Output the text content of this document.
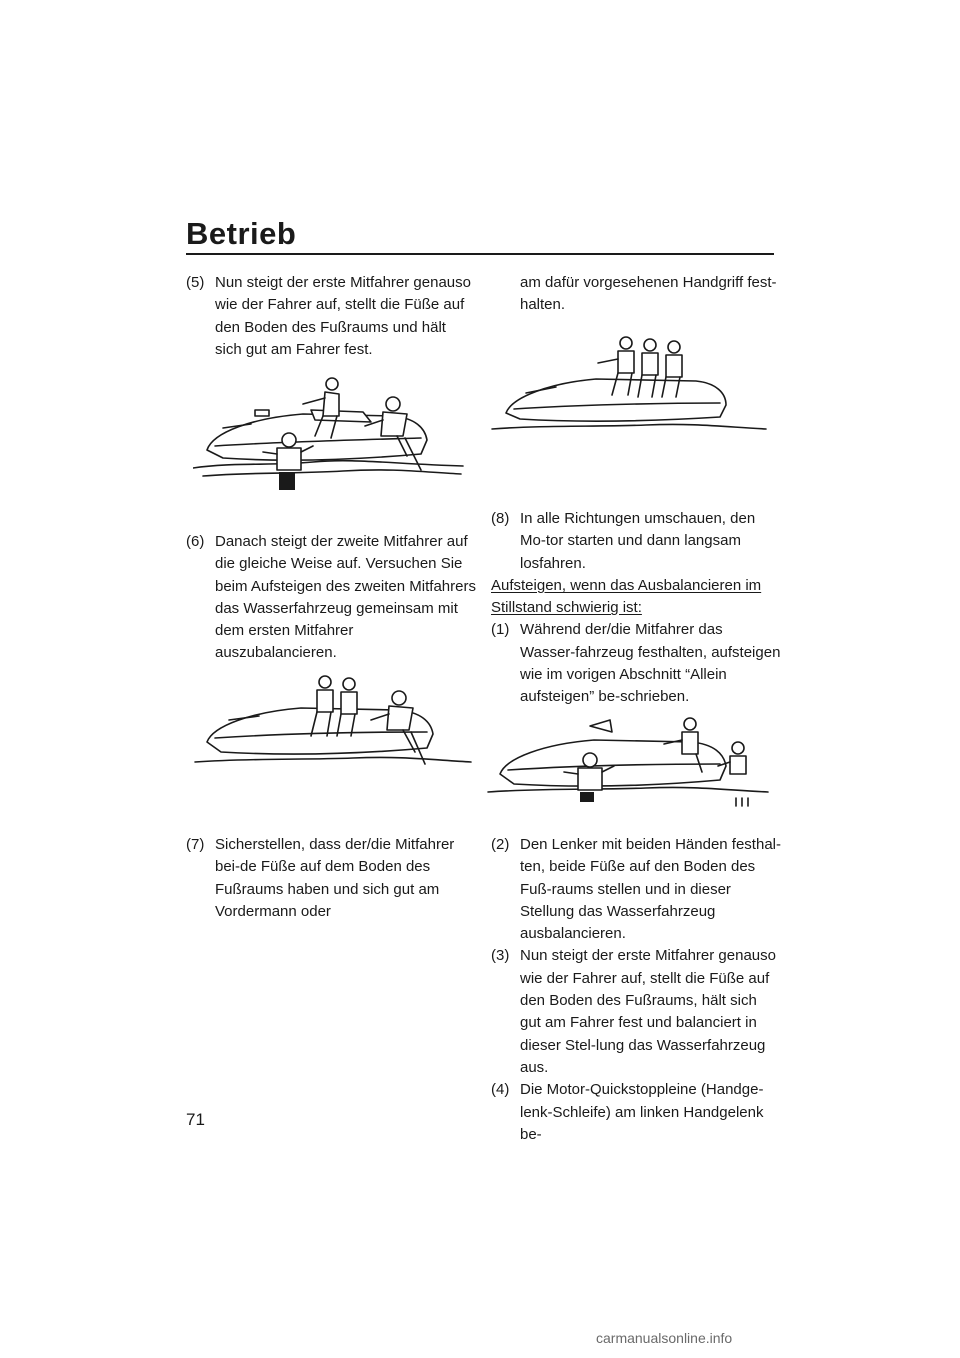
Betrieb

(5) Nun steigt der erste Mitfahrer genauso wie der Fahrer auf, stellt die Füße auf den Boden des Fußraums und hält sich gut am Fahrer fest.

(6) Danach steigt der zweite Mitfahrer auf die gleiche Weise auf. Versuchen Sie beim Aufsteigen des zweiten Mitfahrers das Wasserfahrzeug gemeinsam mit dem ersten Mitfahrer auszubalancieren.

(7) Sicherstellen, dass der/die Mitfahrer bei-de Füße auf dem Boden des Fußraums haben und sich gut am Vordermann oder

am dafür vorgesehenen Handgriff fest-halten.

(8) In alle Richtungen umschauen, den Mo-tor starten und dann langsam losfahren.

Aufsteigen, wenn das Ausbalancieren im Stillstand schwierig ist:

(1) Während der/die Mitfahrer das Wasser-fahrzeug festhalten, aufsteigen wie im vorigen Abschnitt “Allein aufsteigen” be-schrieben.

(2) Den Lenker mit beiden Händen festhal-ten, beide Füße auf den Boden des Fuß-raums stellen und in dieser Stellung das Wasserfahrzeug ausbalancieren.

(3) Nun steigt der erste Mitfahrer genauso wie der Fahrer auf, stellt die Füße auf den Boden des Fußraums, hält sich gut am Fahrer fest und balanciert in dieser Stel-lung das Wasserfahrzeug aus.

(4) Die Motor-Quickstoppleine (Handge-lenk-Schleife) am linken Handgelenk be-

71
carmanualsonline.info
